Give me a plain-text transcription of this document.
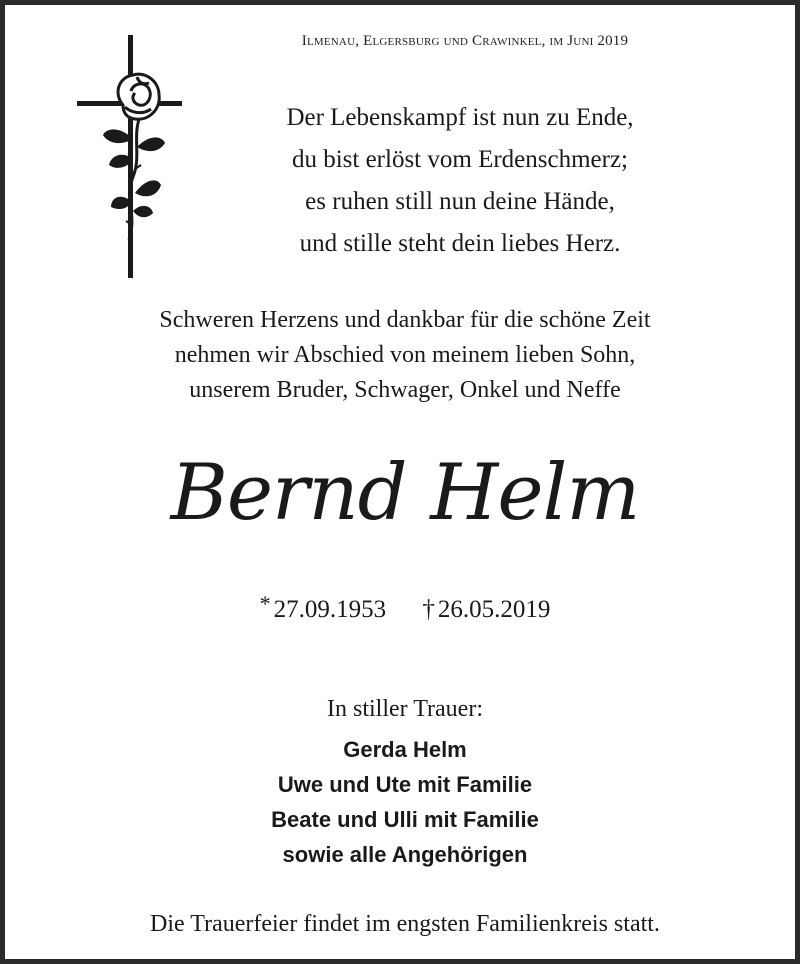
Ilmenau, Elgersburg und Crawinkel, im Juni 2019
Der Lebenskampf ist nun zu Ende,
du bist erlöst vom Erdenschmerz;
es ruhen still nun deine Hände,
und stille steht dein liebes Herz.
Schweren Herzens und dankbar für die schöne Zeit
nehmen wir Abschied von meinem lieben Sohn,
unserem Bruder, Schwager, Onkel und Neffe
Bernd Helm
* 27.09.1953 † 26.05.2019
In stiller Trauer:
Gerda Helm
Uwe und Ute mit Familie
Beate und Ulli mit Familie
sowie alle Angehörigen
Die Trauerfeier findet im engsten Familienkreis statt.
